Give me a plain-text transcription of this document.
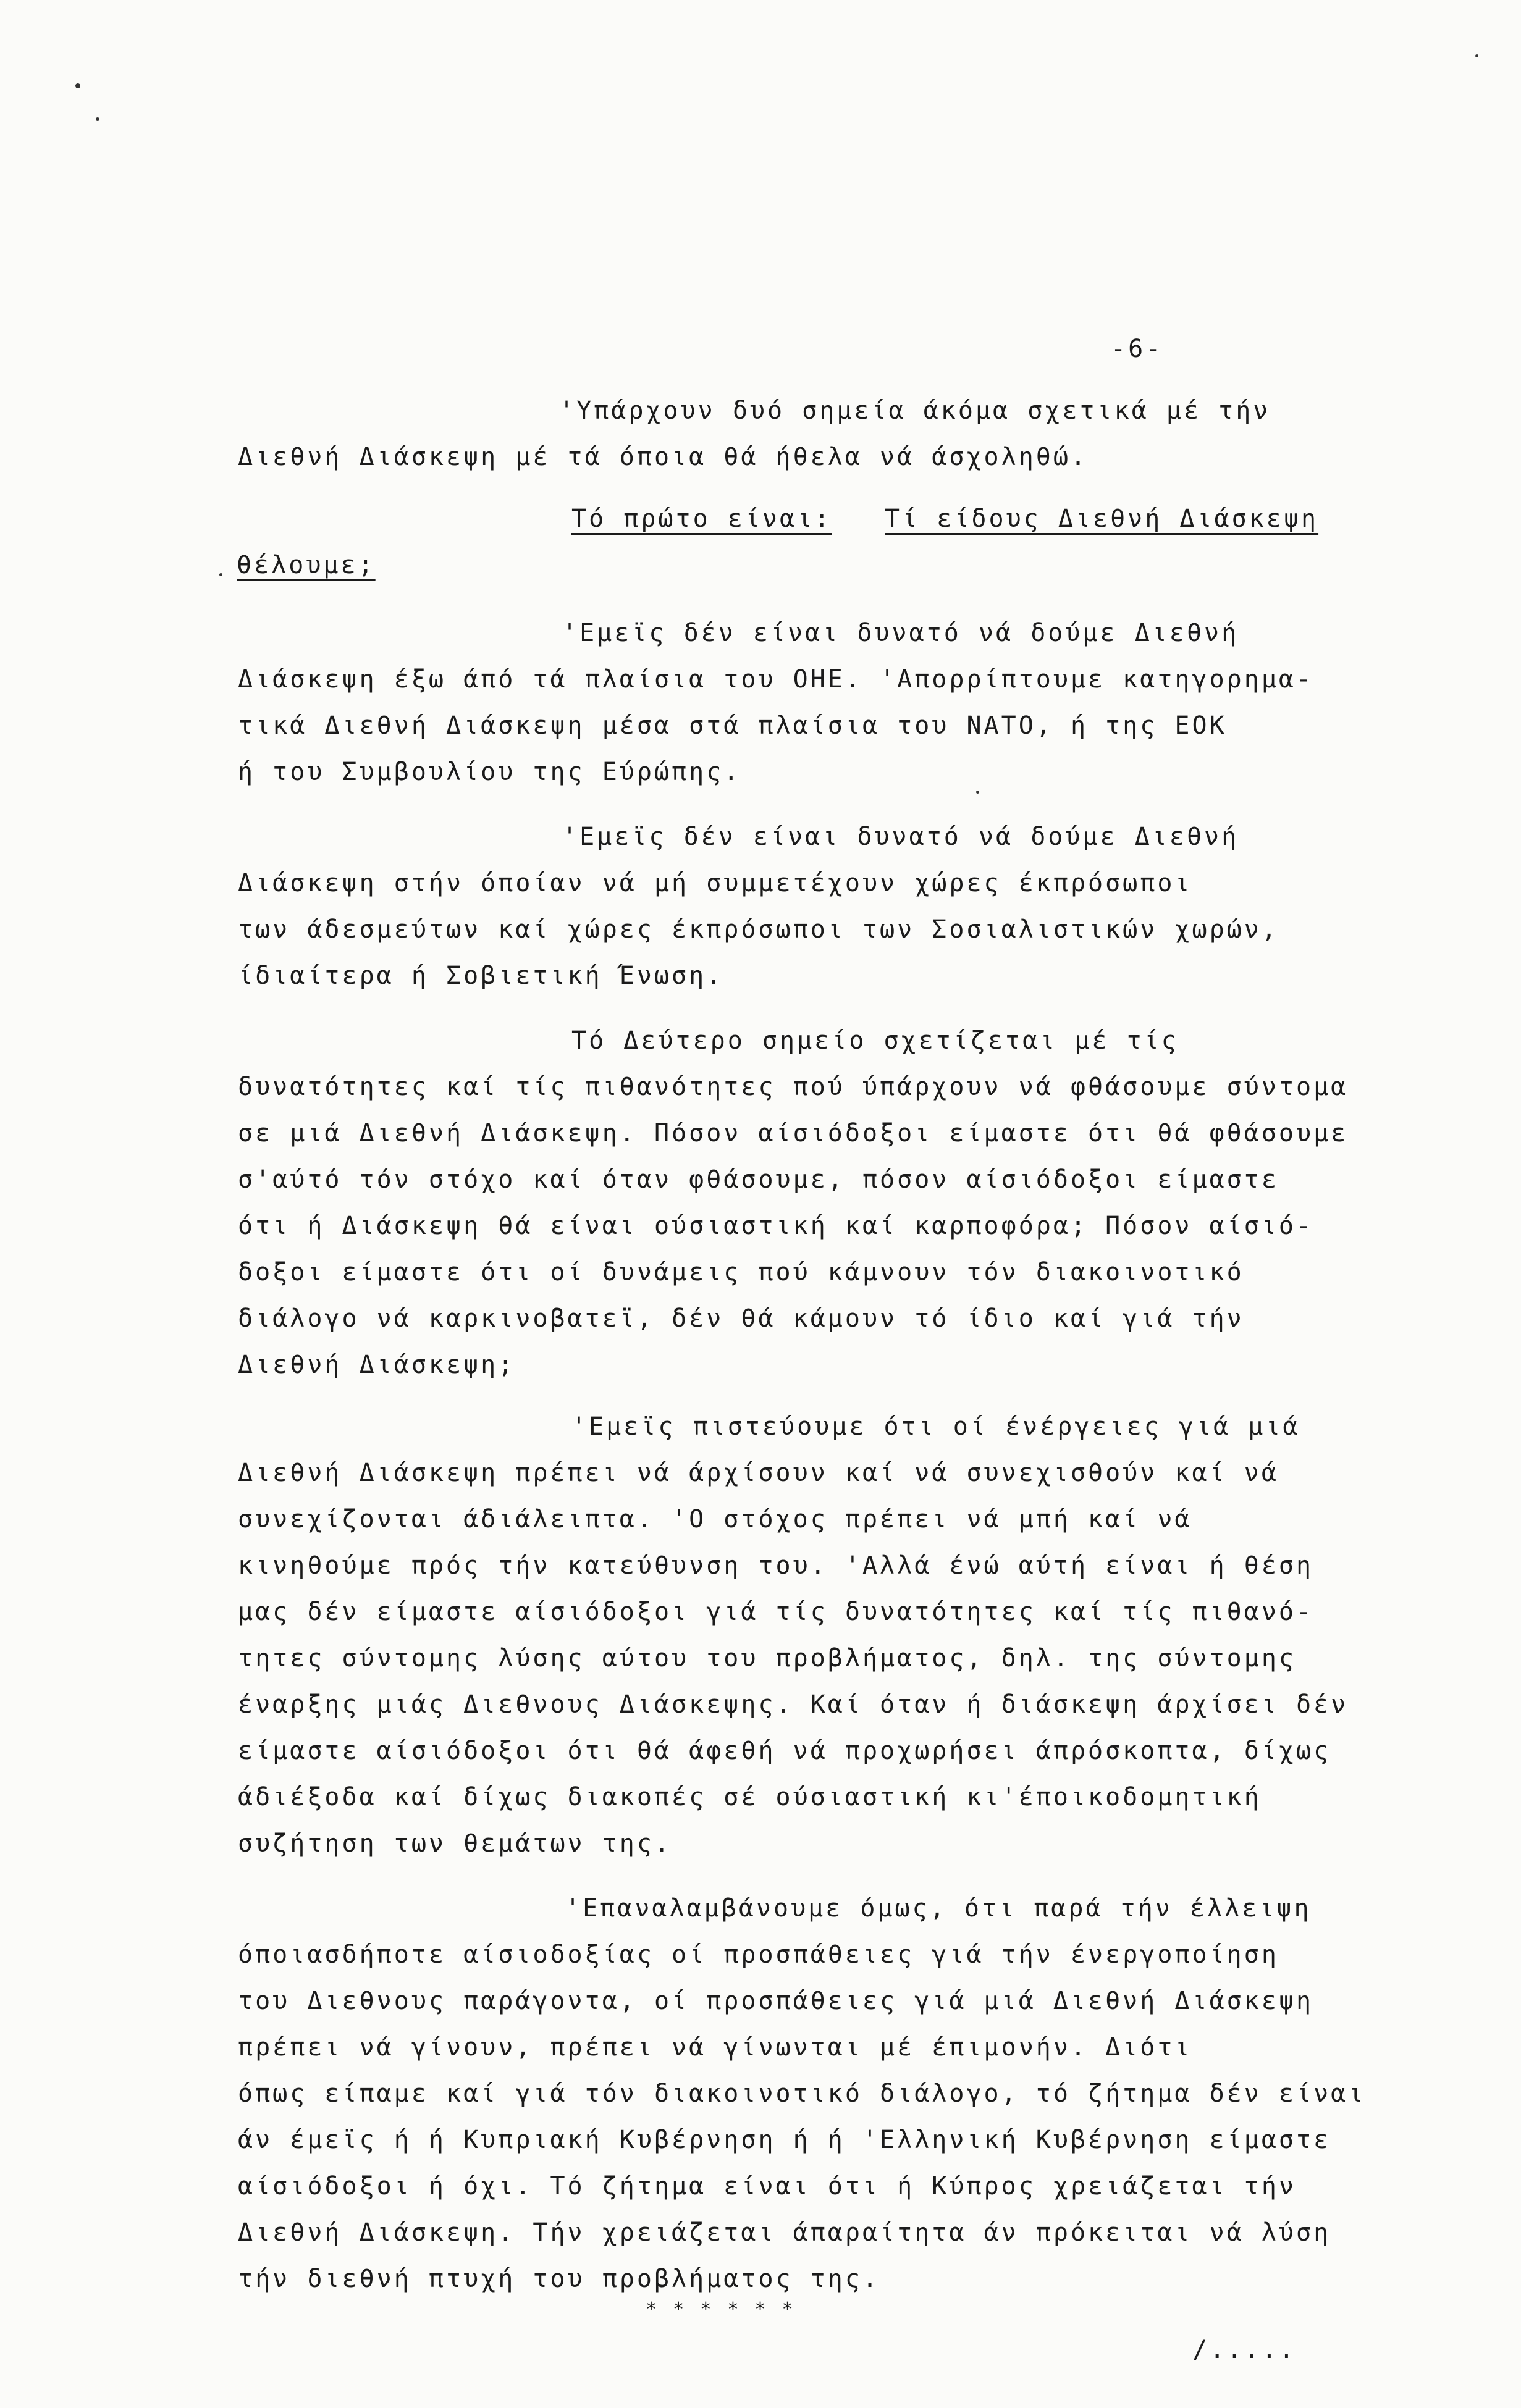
-6-
'Υπάρχουν δυό σημεία άκόμα σχετικά μέ τήν
Διεθνή Διάσκεψη μέ τά όποια θά ήθελα νά άσχοληθώ.
Τό πρώτο είναι: Τί είδους Διεθνή Διάσκεψη
θέλουμε;
'Εμεϊς δέν είναι δυνατό νά δούμε Διεθνή
Διάσκεψη έξω άπό τά πλαίσια του ΟΗΕ. 'Απορρίπτουμε κατηγορημα-
τικά Διεθνή Διάσκεψη μέσα στά πλαίσια του ΝΑΤΟ, ή της ΕΟΚ
ή του Συμβουλίου της Εύρώπης.
'Εμεϊς δέν είναι δυνατό νά δούμε Διεθνή
Διάσκεψη στήν όποίαν νά μή συμμετέχουν χώρες έκπρόσωποι
των άδεσμεύτων καί χώρες έκπρόσωποι των Σοσιαλιστικών χωρών,
ίδιαίτερα ή Σοβιετική Ένωση.
Τό Δεύτερο σημείο σχετίζεται μέ τίς
δυνατότητες καί τίς πιθανότητες πού ύπάρχουν νά φθάσουμε σύντομα
σε μιά Διεθνή Διάσκεψη. Πόσον αίσιόδοξοι είμαστε ότι θά φθάσουμε
σ'αύτό τόν στόχο καί όταν φθάσουμε, πόσον αίσιόδοξοι είμαστε
ότι ή Διάσκεψη θά είναι ούσιαστική καί καρποφόρα; Πόσον αίσιό-
δοξοι είμαστε ότι οί δυνάμεις πού κάμνουν τόν διακοινοτικό
διάλογο νά καρκινοβατεϊ, δέν θά κάμουν τό ίδιο καί γιά τήν
Διεθνή Διάσκεψη;
'Εμεϊς πιστεύουμε ότι οί ένέργειες γιά μιά
Διεθνή Διάσκεψη πρέπει νά άρχίσουν καί νά συνεχισθούν καί νά
συνεχίζονται άδιάλειπτα. 'Ο στόχος πρέπει νά μπή καί νά
κινηθούμε πρός τήν κατεύθυνση του. 'Αλλά ένώ αύτή είναι ή θέση
μας δέν είμαστε αίσιόδοξοι γιά τίς δυνατότητες καί τίς πιθανό-
τητες σύντομης λύσης αύτου του προβλήματος, δηλ. της σύντομης
έναρξης μιάς Διεθνους Διάσκεψης. Καί όταν ή διάσκεψη άρχίσει δέν
είμαστε αίσιόδοξοι ότι θά άφεθή νά προχωρήσει άπρόσκοπτα, δίχως
άδιέξοδα καί δίχως διακοπές σέ ούσιαστική κι'έποικοδομητική
συζήτηση των θεμάτων της.
'Επαναλαμβάνουμε όμως, ότι παρά τήν έλλειψη
όποιασδήποτε αίσιοδοξίας οί προσπάθειες γιά τήν ένεργοποίηση
του Διεθνους παράγοντα, οί προσπάθειες γιά μιά Διεθνή Διάσκεψη
πρέπει νά γίνουν, πρέπει νά γίνωνται μέ έπιμονήν. Διότι
όπως είπαμε καί γιά τόν διακοινοτικό διάλογο, τό ζήτημα δέν είναι
άν έμεϊς ή ή Κυπριακή Κυβέρνηση ή ή 'Ελληνική Κυβέρνηση είμαστε
αίσιόδοξοι ή όχι. Τό ζήτημα είναι ότι ή Κύπρος χρειάζεται τήν
Διεθνή Διάσκεψη. Τήν χρειάζεται άπαραίτητα άν πρόκειται νά λύση
τήν διεθνή πτυχή του προβλήματος της.
* * * * * *
/.....
